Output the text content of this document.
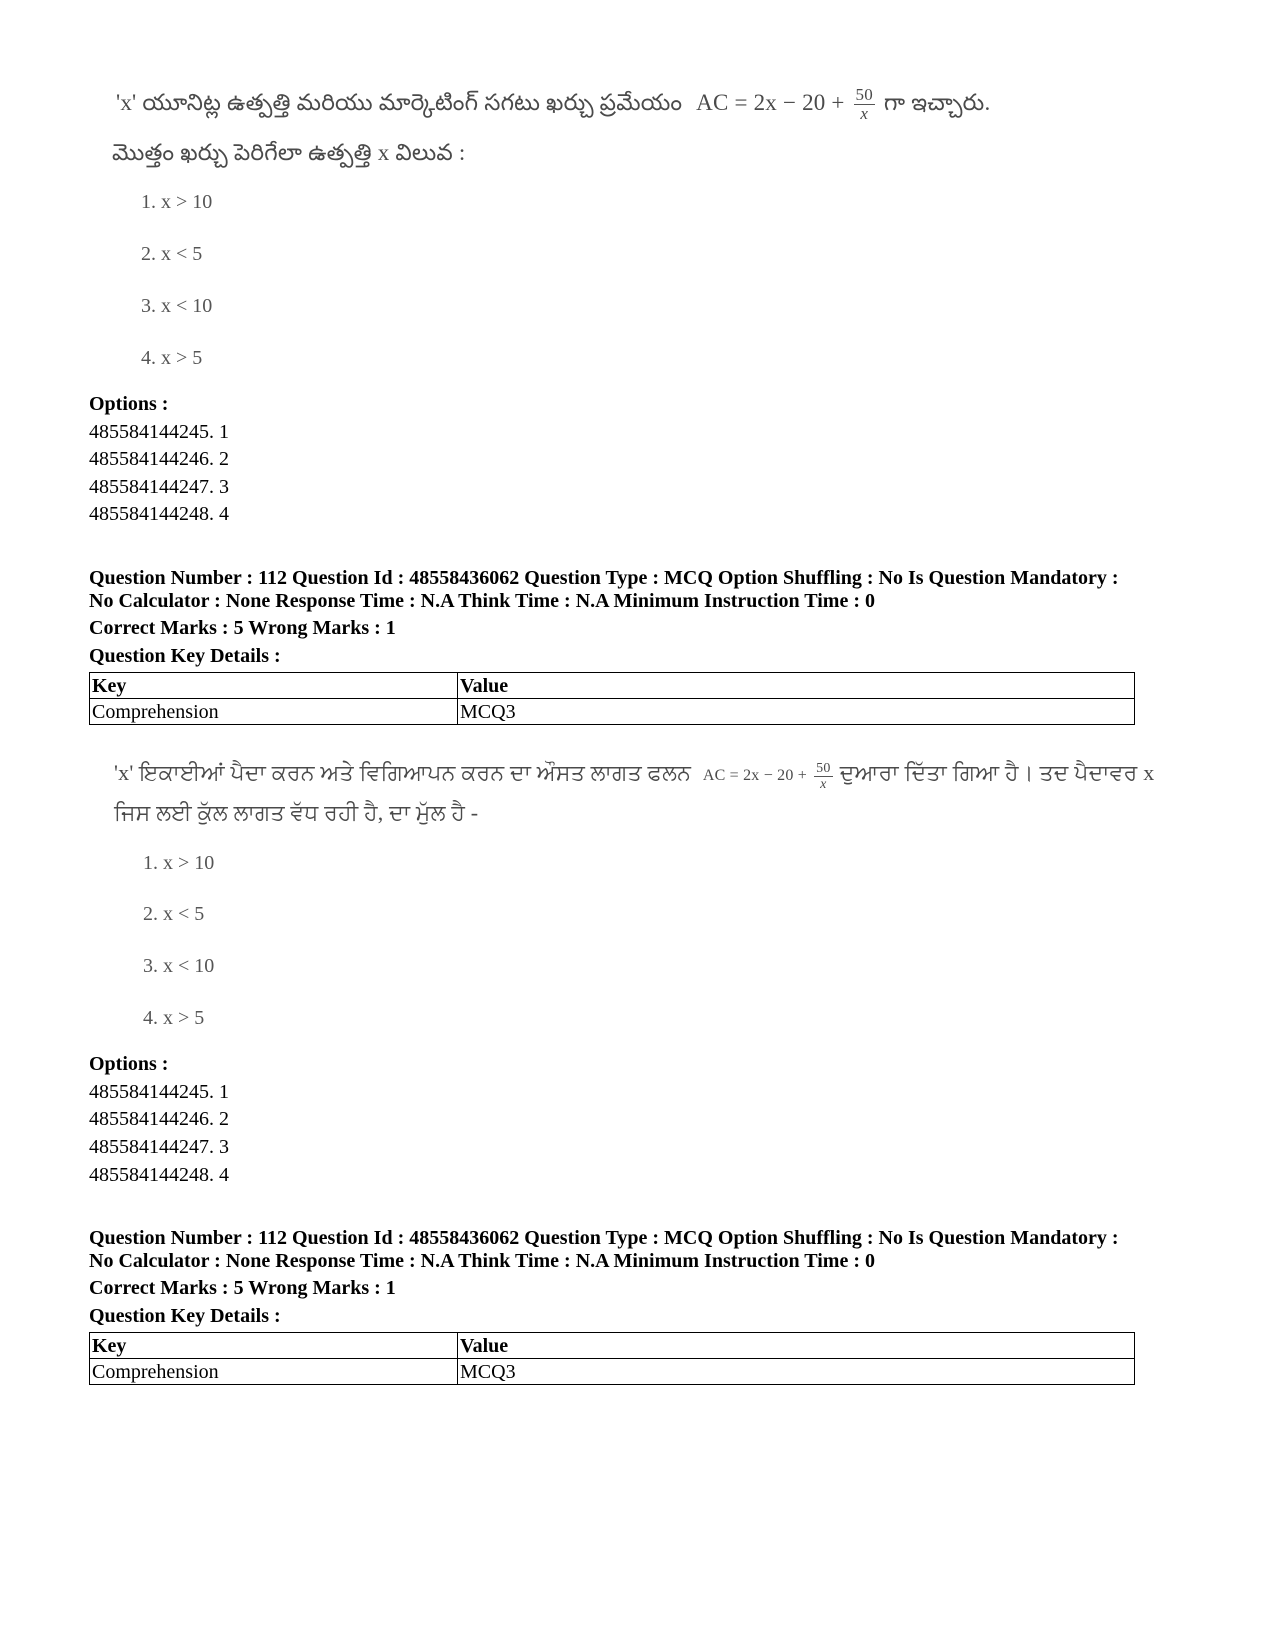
'x' యూనిట్ల ఉత్పత్తి మరియు మార్కెటింగ్ సగటు ఖర్చు ప్రమేయం AC = $2x - 20 + \frac{50}{x}$ గా ఇచ్చారు.
మొత్తం ఖర్చు పెరిగేలా ఉత్పత్తి x విలువ :
1. x > 10
2. x < 5
3. x < 10
4. x > 5
Options :
485584144245. 1
485584144246. 2
485584144247. 3
485584144248. 4
Question Number : 112 Question Id : 48558436062 Question Type : MCQ Option Shuffling : No Is Question Mandatory :
No Calculator : None Response Time : N.A Think Time : N.A Minimum Instruction Time : 0
Correct Marks : 5 Wrong Marks : 1
Question Key Details :
Key	Value
Comprehension	MCQ3
'x' ਇਕਾਈਆਂ ਪੈਦਾ ਕਰਨ ਅਤੇ ਵਿਗਿਆਪਨ ਕਰਨ ਦਾ ਔਸਤ ਲਾਗਤ ਫਲਨ AC = $2x - 20 + \frac{50}{x}$ ਦੁਆਰਾ ਦਿੱਤਾ ਗਿਆ ਹੈ। ਤਦ ਪੈਦਾਵਰ x
ਜਿਸ ਲਈ ਕੁੱਲ ਲਾਗਤ ਵੱਧ ਰਹੀ ਹੈ, ਦਾ ਮੁੱਲ ਹੈ -
1. x > 10
2. x < 5
3. x < 10
4. x > 5
Options :
485584144245. 1
485584144246. 2
485584144247. 3
485584144248. 4
Question Number : 112 Question Id : 48558436062 Question Type : MCQ Option Shuffling : No Is Question Mandatory :
No Calculator : None Response Time : N.A Think Time : N.A Minimum Instruction Time : 0
Correct Marks : 5 Wrong Marks : 1
Question Key Details :
Key	Value
Comprehension	MCQ3
